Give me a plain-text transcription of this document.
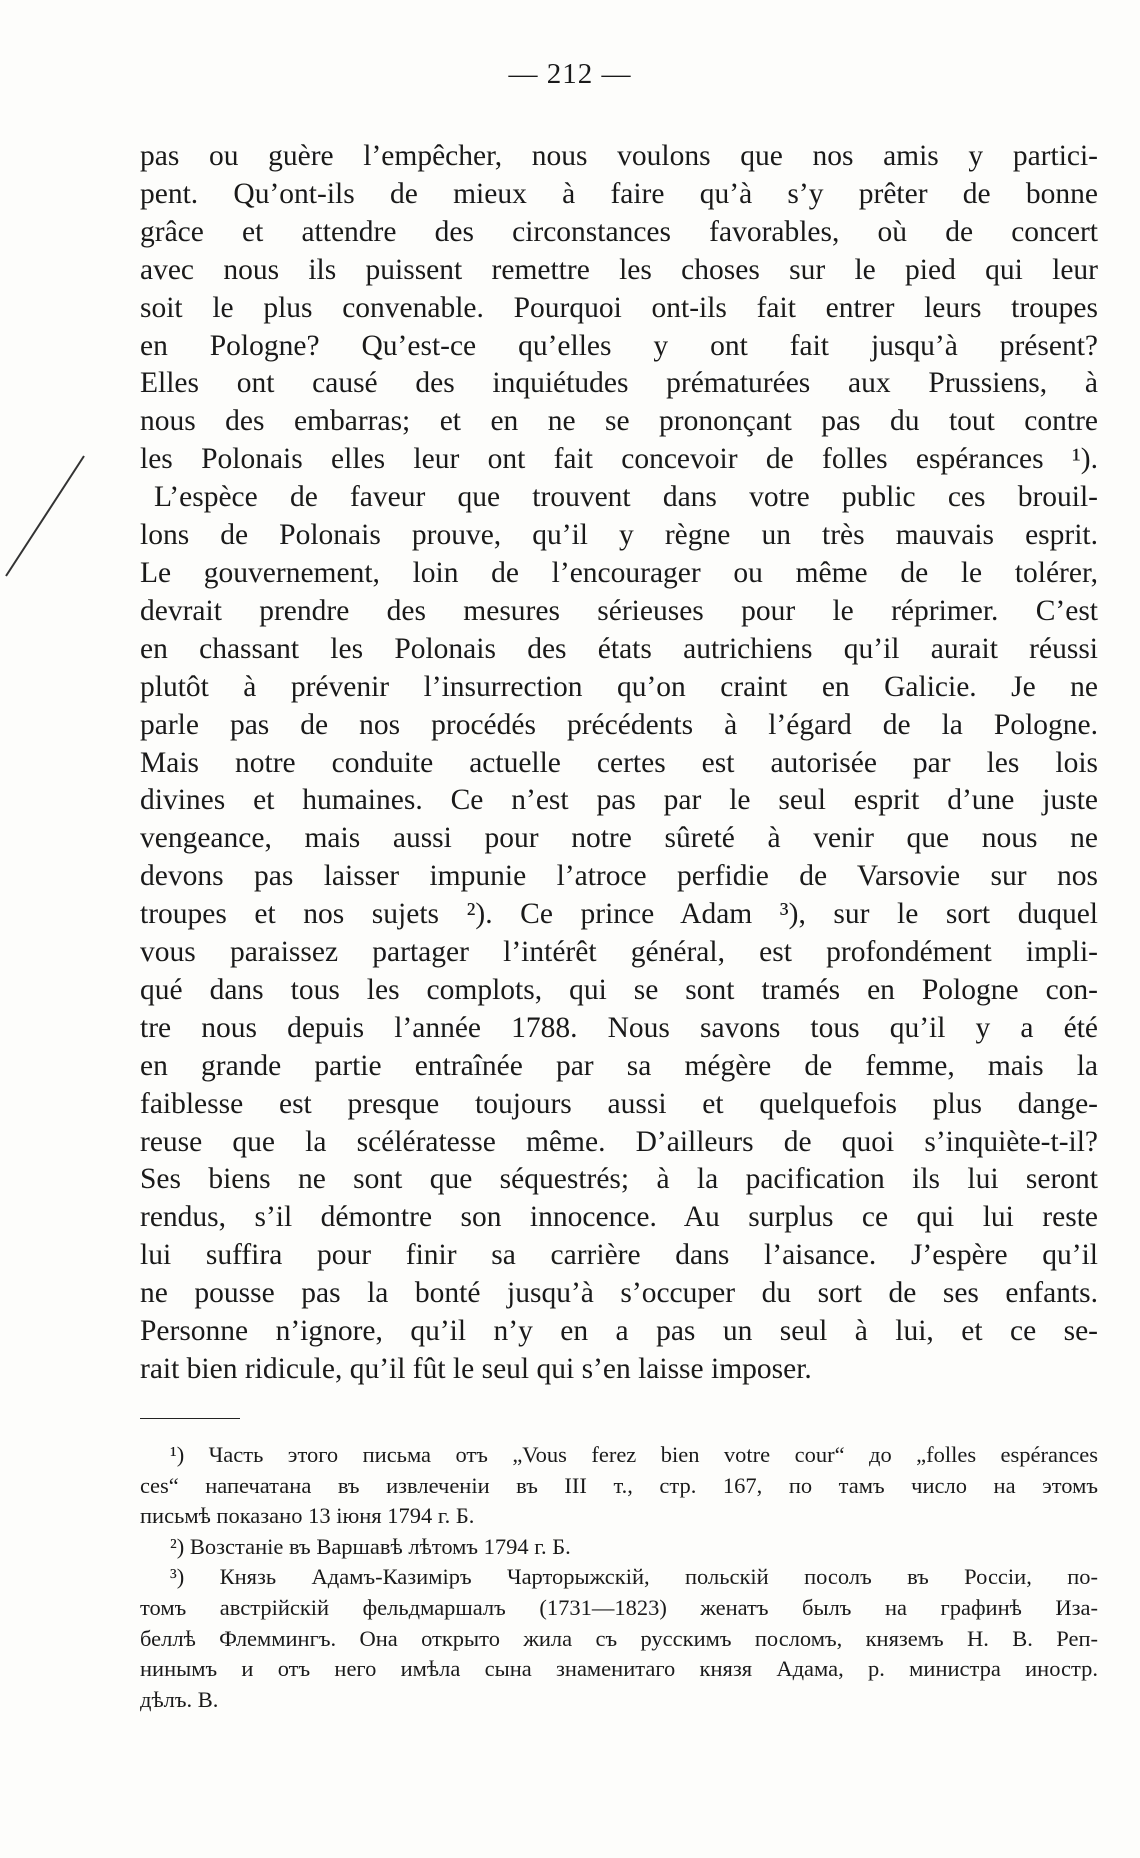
— 212 —
pas ou guère l’empêcher, nous voulons que nos amis y partici-
pent. Qu’ont-ils de mieux à faire qu’à s’y prêter de bonne
grâce et attendre des circonstances favorables, où de concert
avec nous ils puissent remettre les choses sur le pied qui leur
soit le plus convenable. Pourquoi ont-ils fait entrer leurs troupes
en Pologne? Qu’est-ce qu’elles y ont fait jusqu’à présent?
Elles ont causé des inquiétudes prématurées aux Prussiens, à
nous des embarras; et en ne se prononçant pas du tout contre
les Polonais elles leur ont fait concevoir de folles espérances ¹).
L’espèce de faveur que trouvent dans votre public ces brouil-
lons de Polonais prouve, qu’il y règne un très mauvais esprit.
Le gouvernement, loin de l’encourager ou même de le tolérer,
devrait prendre des mesures sérieuses pour le réprimer. C’est
en chassant les Polonais des états autrichiens qu’il aurait réussi
plutôt à prévenir l’insurrection qu’on craint en Galicie. Je ne
parle pas de nos procédés précédents à l’égard de la Pologne.
Mais notre conduite actuelle certes est autorisée par les lois
divines et humaines. Ce n’est pas par le seul esprit d’une juste
vengeance, mais aussi pour notre sûreté à venir que nous ne
devons pas laisser impunie l’atroce perfidie de Varsovie sur nos
troupes et nos sujets ²). Ce prince Adam ³), sur le sort duquel
vous paraissez partager l’intérêt général, est profondément impli-
qué dans tous les complots, qui se sont tramés en Pologne con-
tre nous depuis l’année 1788. Nous savons tous qu’il y a été
en grande partie entraînée par sa mégère de femme, mais la
faiblesse est presque toujours aussi et quelquefois plus dange-
reuse que la scélératesse même. D’ailleurs de quoi s’inquiète-t-il?
Ses biens ne sont que séquestrés; à la pacification ils lui seront
rendus, s’il démontre son innocence. Au surplus ce qui lui reste
lui suffira pour finir sa carrière dans l’aisance. J’espère qu’il
ne pousse pas la bonté jusqu’à s’occuper du sort de ses enfants.
Personne n’ignore, qu’il n’y en a pas un seul à lui, et ce se-
rait bien ridicule, qu’il fût le seul qui s’en laisse imposer.
¹) Часть этого письма отъ „Vous ferez bien votre cour“ до „folles espérances
ces“ напечатана въ извлеченiи въ III т., стр. 167, по тамъ число на этомъ
письмѣ показано 13 iюня 1794 г. Б.
²) Возстанiе въ Варшавѣ лѣтомъ 1794 г. Б.
³) Князь Адамъ-Казимiръ Чарторыжскiй, польскiй посолъ въ Россiи, по-
томъ австрiйскiй фельдмаршалъ (1731—1823) женатъ былъ на графинѣ Иза-
беллѣ Флеммингъ. Она открыто жила съ русскимъ посломъ, княземъ Н. В. Реп-
нинымъ и отъ него имѣла сына знаменитаго князя Адама, р. министра иностр.
дѣлъ. В.
